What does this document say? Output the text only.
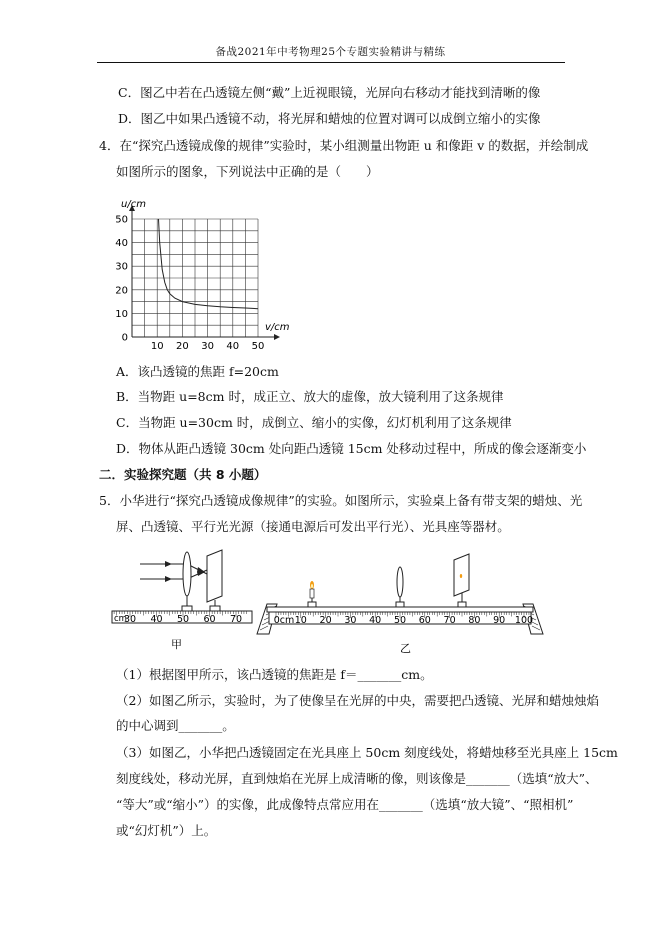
备战2021年中考物理25个专题实验精讲与精练
C．图乙中若在凸透镜左侧“戴”上近视眼镜，光屏向右移动才能找到清晰的像
D．图乙中如果凸透镜不动，将光屏和蜡烛的位置对调可以成倒立缩小的实像
4．在“探究凸透镜成像的规律”实验时，某小组测量出物距 u 和像距 v 的数据，并绘制成
如图所示的图象，下列说法中正确的是（　　）
10 20 30 40 50
0
10
20
30
40
50
u/cm
v/cm
A．该凸透镜的焦距 f=20cm
B．当物距 u=8cm 时，成正立、放大的虚像，放大镜利用了这条规律
C．当物距 u=30cm 时，成倒立、缩小的实像，幻灯机利用了这条规律
D．物体从距凸透镜 30cm 处向距凸透镜 15cm 处移动过程中，所成的像会逐渐变小
二．实验探究题（共 8 小题）
5．小华进行“探究凸透镜成像规律”的实验。如图所示，实验桌上备有带支架的蜡烛、光
屏、凸透镜、平行光光源（接通电源后可发出平行光）、光具座等器材。
cm
30 40 50 60 70
甲
0cm 10 20 30 40 50 60 70 80 90 100
乙
（1）根据图甲所示，该凸透镜的焦距是 f＝_______cm。
（2）如图乙所示，实验时，为了使像呈在光屏的中央，需要把凸透镜、光屏和蜡烛烛焰
的中心调到_______。
（3）如图乙，小华把凸透镜固定在光具座上 50cm 刻度线处，将蜡烛移至光具座上 15cm
刻度线处，移动光屏，直到烛焰在光屏上成清晰的像，则该像是_______（选填“放大”、
“等大”或“缩小”）的实像，此成像特点常应用在_______（选填“放大镜”、“照相机”
或“幻灯机”）上。
